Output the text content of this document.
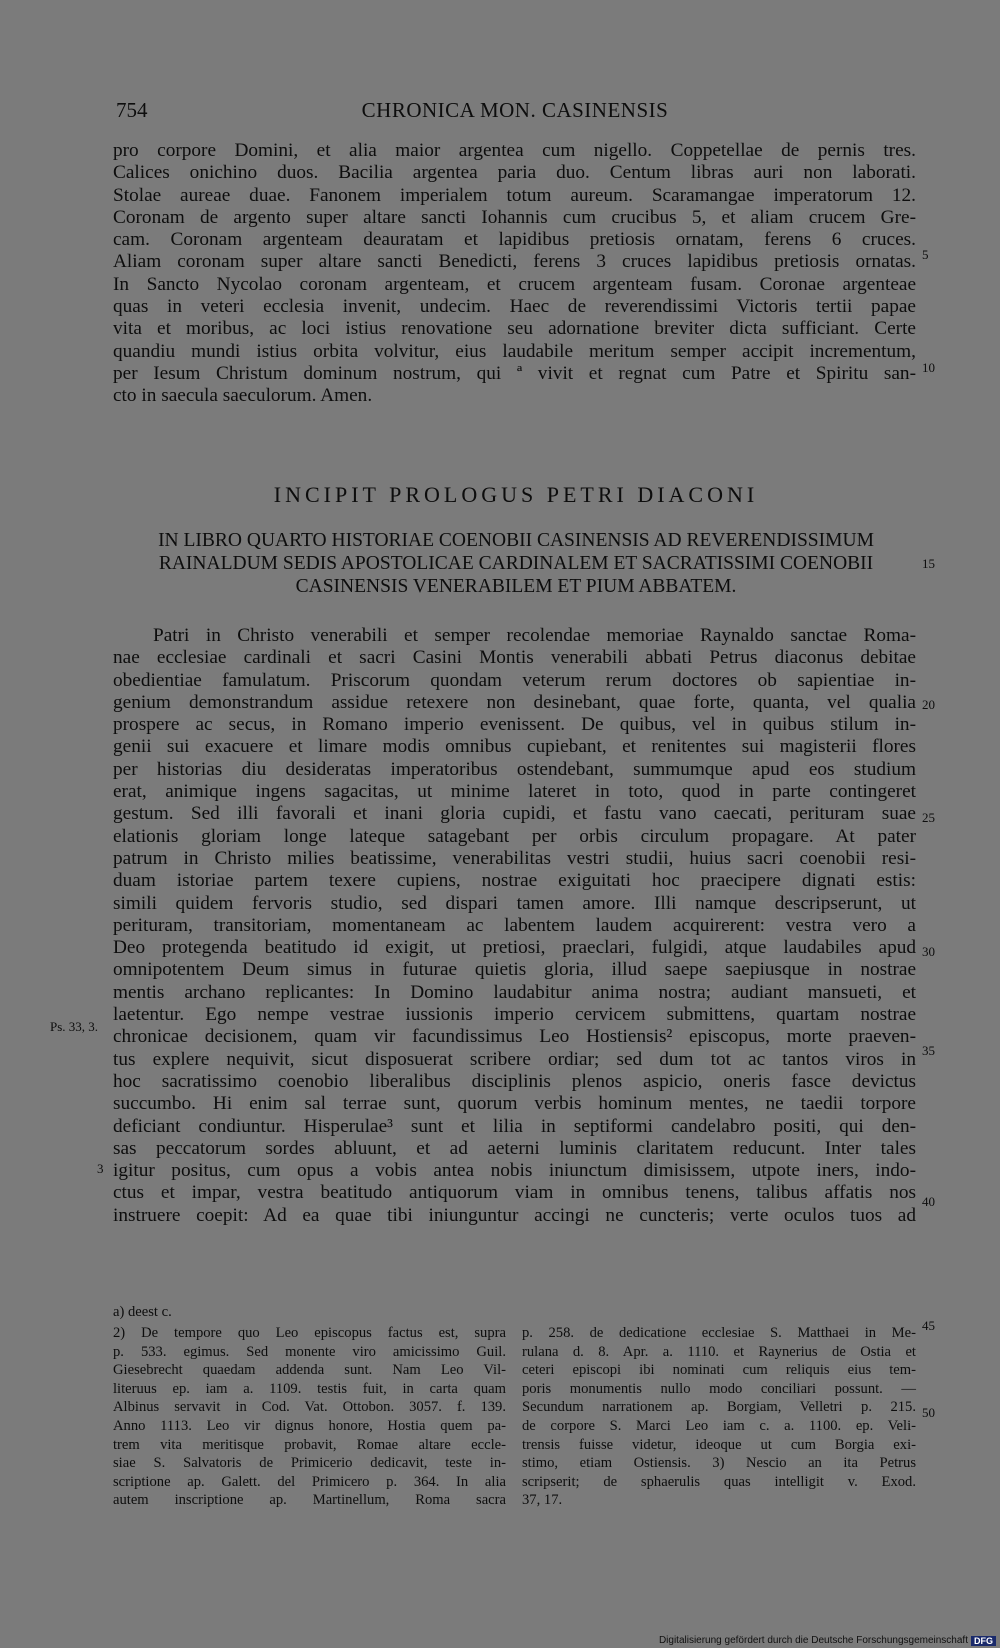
754	CHRONICA MON. CASINENSIS
pro corpore Domini, et alia maior argentea cum nigello. Coppetellae de pernis tres.
Calices onichino duos. Bacilia argentea paria duo. Centum libras auri non laborati.
Stolae aureae duae. Fanonem imperialem totum aureum. Scaramangae imperatorum 12.
Coronam de argento super altare sancti Iohannis cum crucibus 5, et aliam crucem Gre-
cam. Coronam argenteam deauratam et lapidibus pretiosis ornatam, ferens 6 cruces.
Aliam coronam super altare sancti Benedicti, ferens 3 cruces lapidibus pretiosis ornatas.
In Sancto Nycolao coronam argenteam, et crucem argenteam fusam. Coronae argenteae
quas in veteri ecclesia invenit, undecim. Haec de reverendissimi Victoris tertii papae
vita et moribus, ac loci istius renovatione seu adornatione breviter dicta sufficiant. Certe
quandiu mundi istius orbita volvitur, eius laudabile meritum semper accipit incrementum,
per Iesum Christum dominum nostrum, qui ª vivit et regnat cum Patre et Spiritu san-
cto in saecula saeculorum. Amen.
INCIPIT PROLOGUS PETRI DIACONI
IN LIBRO QUARTO HISTORIAE COENOBII CASINENSIS AD REVERENDISSIMUM
RAINALDUM SEDIS APOSTOLICAE CARDINALEM ET SACRATISSIMI COENOBII
CASINENSIS VENERABILEM ET PIUM ABBATEM.
Patri in Christo venerabili et semper recolendae memoriae Raynaldo sanctae Roma-
nae ecclesiae cardinali et sacri Casini Montis venerabili abbati Petrus diaconus debitae
obedientiae famulatum. Priscorum quondam veterum rerum doctores ob sapientiae in-
genium demonstrandum assidue retexere non desinebant, quae forte, quanta, vel qualia
prospere ac secus, in Romano imperio evenissent. De quibus, vel in quibus stilum in-
genii sui exacuere et limare modis omnibus cupiebant, et renitentes sui magisterii flores
per historias diu desideratas imperatoribus ostendebant, summumque apud eos studium
erat, animique ingens sagacitas, ut minime lateret in toto, quod in parte contingeret
gestum. Sed illi favorali et inani gloria cupidi, et fastu vano caecati, perituram suae
elationis gloriam longe lateque satagebant per orbis circulum propagare. At pater
patrum in Christo milies beatissime, venerabilitas vestri studii, huius sacri coenobii resi-
duam istoriae partem texere cupiens, nostrae exiguitati hoc praecipere dignati estis:
simili quidem fervoris studio, sed dispari tamen amore. Illi namque descripserunt, ut
perituram, transitoriam, momentaneam ac labentem laudem acquirerent: vestra vero a
Deo protegenda beatitudo id exigit, ut pretiosi, praeclari, fulgidi, atque laudabiles apud
omnipotentem Deum simus in futurae quietis gloria, illud saepe saepiusque in nostrae
mentis archano replicantes: In Domino laudabitur anima nostra; audiant mansueti, et
laetentur. Ego nempe vestrae iussionis imperio cervicem submittens, quartam nostrae
chronicae decisionem, quam vir facundissimus Leo Hostiensis² episcopus, morte praeven-
tus explere nequivit, sicut disposuerat scribere ordiar; sed dum tot ac tantos viros in
hoc sacratissimo coenobio liberalibus disciplinis plenos aspicio, oneris fasce devictus
succumbo. Hi enim sal terrae sunt, quorum verbis hominum mentes, ne taedii torpore
deficiant condiuntur. Hisperulae³ sunt et lilia in septiformi candelabro positi, qui den-
sas peccatorum sordes abluunt, et ad aeterni luminis claritatem reducunt. Inter tales
igitur positus, cum opus a vobis antea nobis iniunctum dimisissem, utpote iners, indo-
ctus et impar, vestra beatitudo antiquorum viam in omnibus tenens, talibus affatis nos
instruere coepit: Ad ea quae tibi iniunguntur accingi ne cuncteris; verte oculos tuos ad
5
10
15
20
25
30
35
40
45
50
Ps. 33, 3.
3
a) deest c.
2) De tempore quo Leo episcopus factus est, supra
p. 533. egimus. Sed monente viro amicissimo Guil.
Giesebrecht quaedam addenda sunt. Nam Leo Vil-
literuus ep. iam a. 1109. testis fuit, in carta quam
Albinus servavit in Cod. Vat. Ottobon. 3057. f. 139.
Anno 1113. Leo vir dignus honore, Hostia quem pa-
trem vita meritisque probavit, Romae altare eccle-
siae S. Salvatoris de Primicerio dedicavit, teste in-
scriptione ap. Galett. del Primicero p. 364. In alia
autem inscriptione ap. Martinellum, Roma sacra
p. 258. de dedicatione ecclesiae S. Matthaei in Me-
rulana d. 8. Apr. a. 1110. et Raynerius de Ostia et
ceteri episcopi ibi nominati cum reliquis eius tem-
poris monumentis nullo modo conciliari possunt. —
Secundum narrationem ap. Borgiam, Velletri p. 215.
de corpore S. Marci Leo iam c. a. 1100. ep. Veli-
trensis fuisse videtur, ideoque ut cum Borgia exi-
stimo, etiam Ostiensis. 3) Nescio an ita Petrus
scripserit; de sphaerulis quas intelligit v. Exod.
37, 17.
Digitalisierung gefördert durch die Deutsche Forschungsgemeinschaft DFG
